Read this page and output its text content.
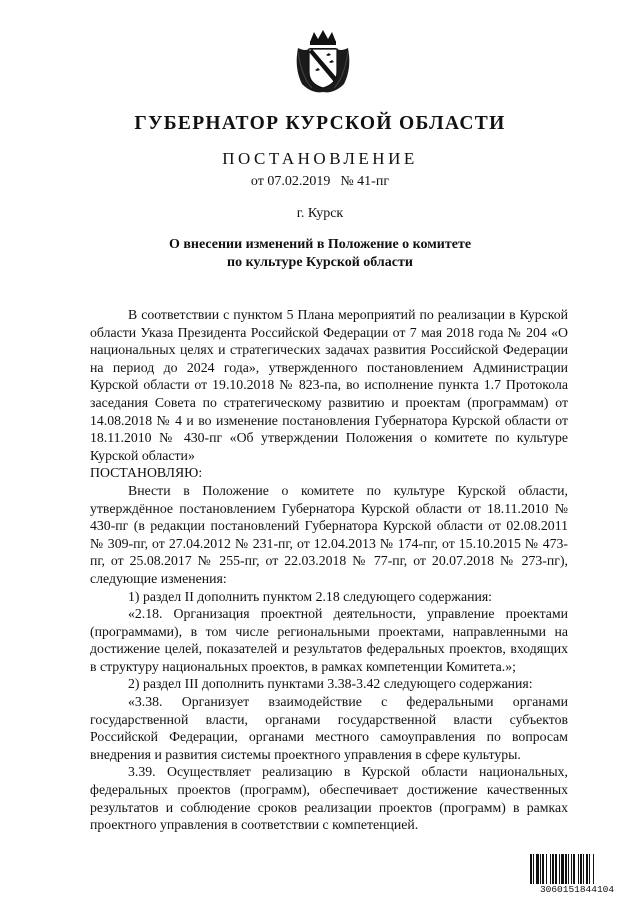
ГУБЕРНАТОР КУРСКОЙ ОБЛАСТИ
ПОСТАНОВЛЕНИЕ
от 07.02.2019 № 41-пг
г. Курск
О внесении изменений в Положение о комитете
по культуре Курской области

В соответствии с пунктом 5 Плана мероприятий по реализации в Курской области Указа Президента Российской Федерации от 7 мая 2018 года № 204 «О национальных целях и стратегических задачах развития Российской Федерации на период до 2024 года», утвержденного постановлением Администрации Курской области от 19.10.2018 № 823-па, во исполнение пункта 1.7 Протокола заседания Совета по стратегическому развитию и проектам (программам) от 14.08.2018 № 4 и во изменение постановления Губернатора Курской области от 18.11.2010 № 430-пг «Об утверждении Положения о комитете по культуре Курской области»

ПОСТАНОВЛЯЮ:

Внести в Положение о комитете по культуре Курской области, утверждённое постановлением Губернатора Курской области от 18.11.2010 № 430-пг (в редакции постановлений Губернатора Курской области от 02.08.2011 № 309-пг, от 27.04.2012 № 231-пг, от 12.04.2013 № 174-пг, от 15.10.2015 № 473-пг, от 25.08.2017 № 255-пг, от 22.03.2018 № 77-пг, от 20.07.2018 № 273-пг), следующие изменения:

1) раздел II дополнить пунктом 2.18 следующего содержания:

«2.18. Организация проектной деятельности, управление проектами (программами), в том числе региональными проектами, направленными на достижение целей, показателей и результатов федеральных проектов, входящих в структуру национальных проектов, в рамках компетенции Комитета.»;

2) раздел III дополнить пунктами 3.38-3.42 следующего содержания:

«3.38. Организует взаимодействие с федеральными органами государственной власти, органами государственной власти субъектов Российской Федерации, органами местного самоуправления по вопросам внедрения и развития системы проектного управления в сфере культуры.

3.39. Осуществляет реализацию в Курской области национальных, федеральных проектов (программ), обеспечивает достижение качественных результатов и соблюдение сроков реализации проектов (программ) в рамках проектного управления в соответствии с компетенцией.

3060151844104
